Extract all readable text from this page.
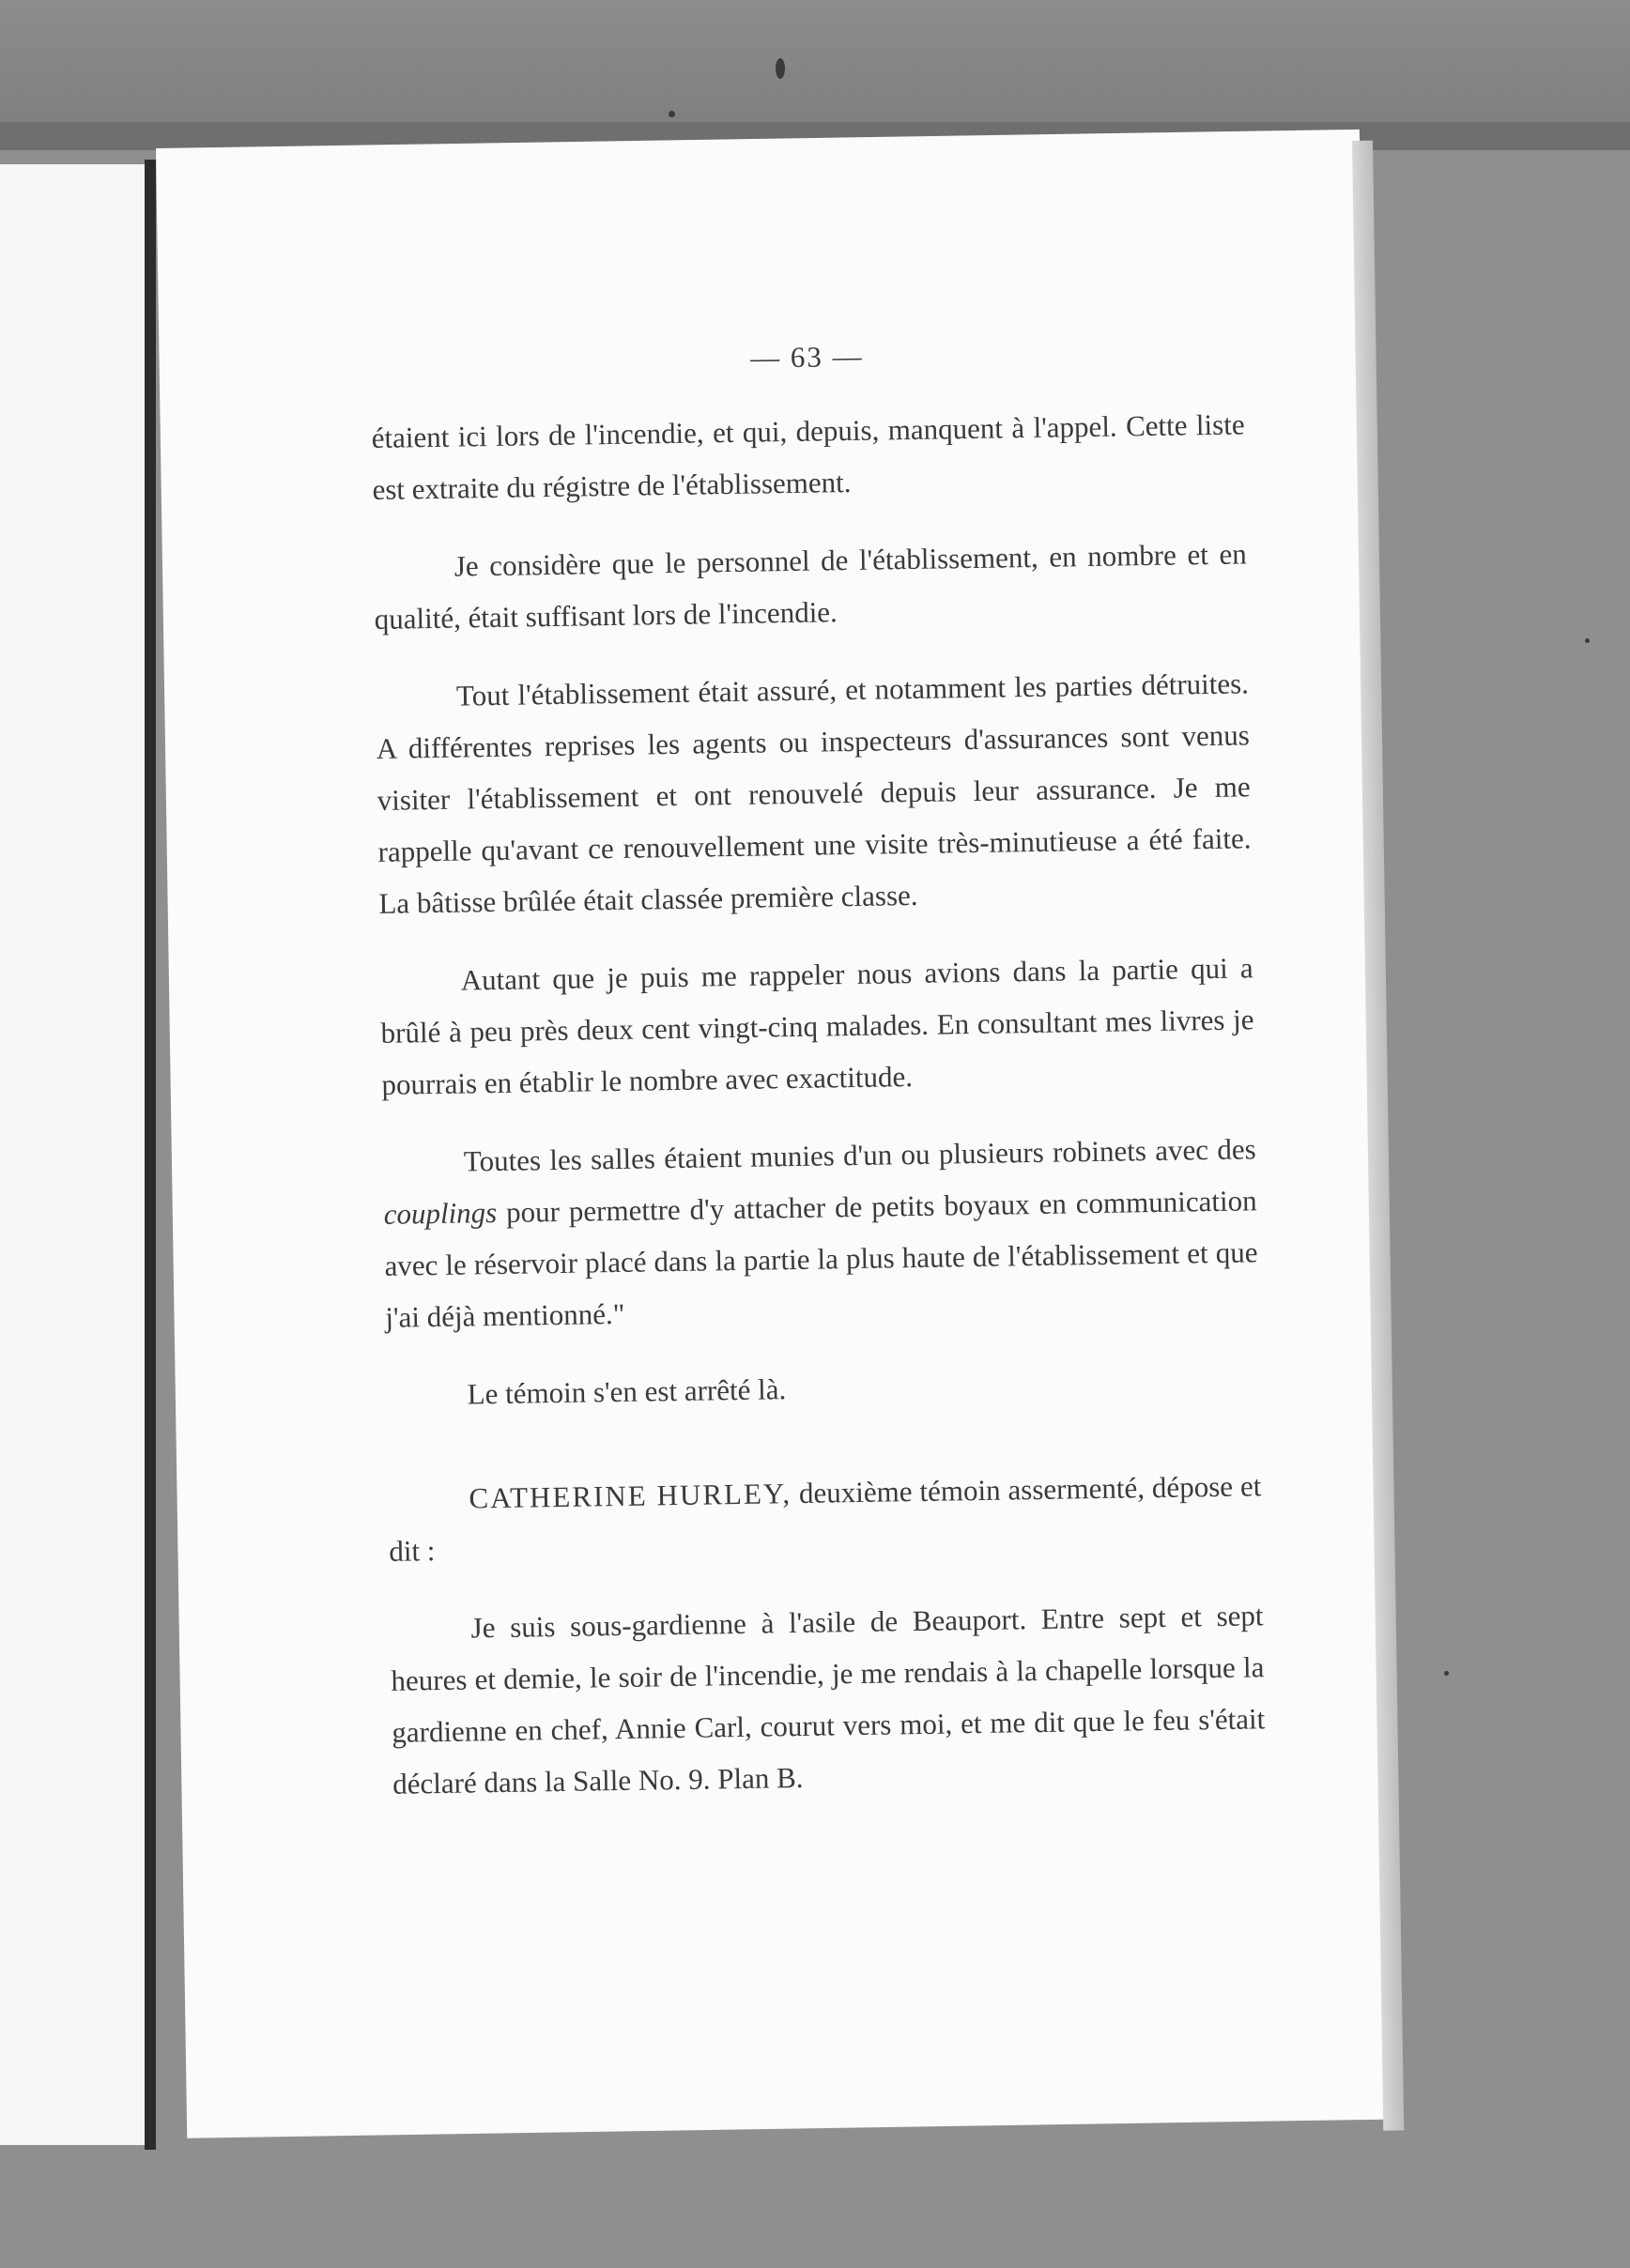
— 63 —

étaient ici lors de l'incendie, et qui, depuis, manquent à l'appel. Cette liste est extraite du régistre de l'établissement.

Je considère que le personnel de l'établissement, en nombre et en qualité, était suffisant lors de l'incendie.

Tout l'établissement était assuré, et notamment les parties détruites. A différentes reprises les agents ou inspecteurs d'assurances sont venus visiter l'établissement et ont renouvelé depuis leur assurance. Je me rappelle qu'avant ce renouvellement une visite très-minutieuse a été faite. La bâtisse brûlée était classée première classe.

Autant que je puis me rappeler nous avions dans la partie qui a brûlé à peu près deux cent vingt-cinq malades. En consultant mes livres je pourrais en établir le nombre avec exactitude.

Toutes les salles étaient munies d'un ou plusieurs robinets avec des couplings pour permettre d'y attacher de petits boyaux en communication avec le réservoir placé dans la partie la plus haute de l'établissement et que j'ai déjà mentionné."

Le témoin s'en est arrêté là.

CATHERINE HURLEY, deuxième témoin assermenté, dépose et dit :

Je suis sous-gardienne à l'asile de Beauport. Entre sept et sept heures et demie, le soir de l'incendie, je me rendais à la chapelle lorsque la gardienne en chef, Annie Carl, courut vers moi, et me dit que le feu s'était déclaré dans la Salle No. 9. Plan B.
